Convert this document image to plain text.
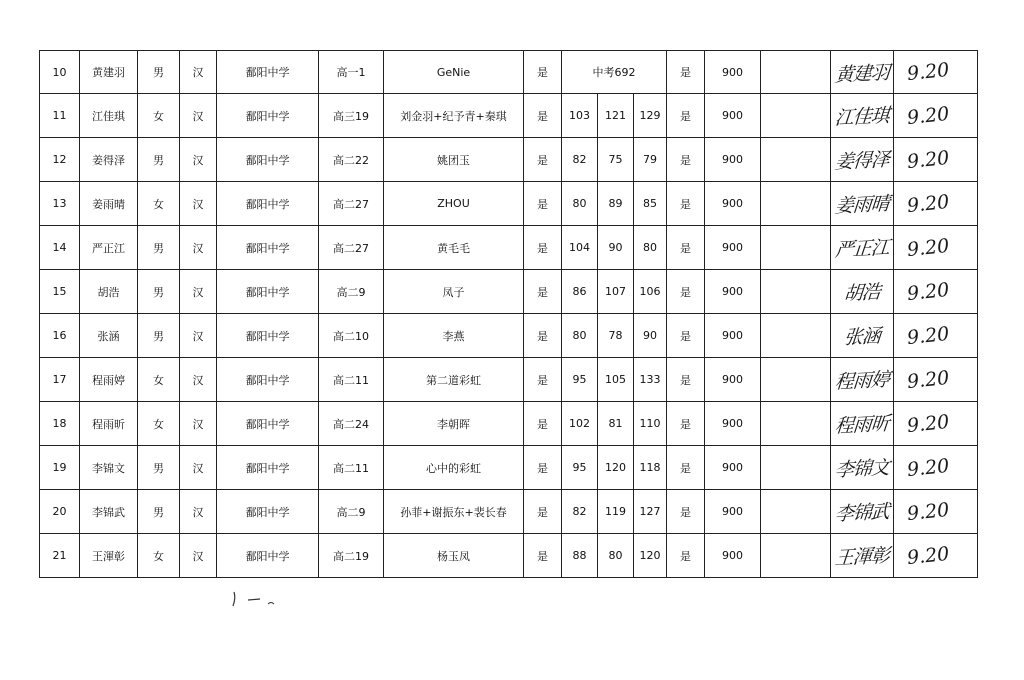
10	黄建羽	男	汉	鄱阳中学	高一1	GeNie	是	中考692			是	900		黄建羽	9.20	
11	江佳琪	女	汉	鄱阳中学	高三19	刘金羽+纪予青+秦琪	是	103	121	129	是	900		江佳琪	9.20	
12	姜得泽	男	汉	鄱阳中学	高二22	姚团玉	是	82	75	79	是	900		姜得泽	9.20	
13	姜雨晴	女	汉	鄱阳中学	高二27	ZHOU	是	80	89	85	是	900		姜雨晴	9.20	
14	严正江	男	汉	鄱阳中学	高二27	黄毛毛	是	104	90	80	是	900		严正江	9.20	
15	胡浩	男	汉	鄱阳中学	高二9	凤子	是	86	107	106	是	900		胡浩	9.20	
16	张涵	男	汉	鄱阳中学	高二10	李燕	是	80	78	90	是	900		张涵	9.20	
17	程雨婷	女	汉	鄱阳中学	高二11	第二道彩虹	是	95	105	133	是	900		程雨婷	9.20	
18	程雨昕	女	汉	鄱阳中学	高二24	李朝晖	是	102	81	110	是	900		程雨昕	9.20	
19	李锦文	男	汉	鄱阳中学	高二11	心中的彩虹	是	95	120	118	是	900		李锦文	9.20	
20	李锦武	男	汉	鄱阳中学	高二9	孙菲+谢振东+裴长春	是	82	119	127	是	900		李锦武	9.20	
21	王渾彰	女	汉	鄱阳中学	高二19	杨玉凤	是	88	80	120	是	900		王渾彰	9.20	
